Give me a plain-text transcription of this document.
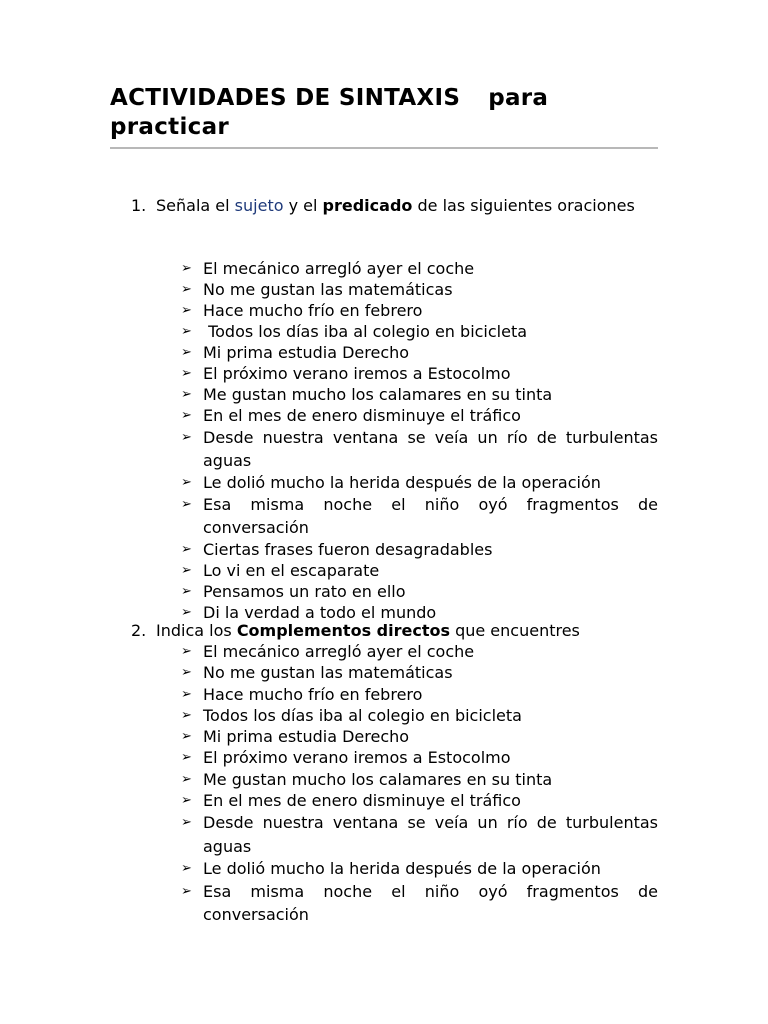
ACTIVIDADES DE SINTAXIS para practicar
1. Señala el sujeto y el predicado de las siguientes oraciones
➢ El mecánico arregló ayer el coche
➢ No me gustan las matemáticas
➢ Hace mucho frío en febrero
➢ Todos los días iba al colegio en bicicleta
➢ Mi prima estudia Derecho
➢ El próximo verano iremos a Estocolmo
➢ Me gustan mucho los calamares en su tinta
➢ En el mes de enero disminuye el tráfico
➢ Desde nuestra ventana se veía un río de turbulentas aguas
➢ Le dolió mucho la herida después de la operación
➢ Esa misma noche el niño oyó fragmentos de conversación
➢ Ciertas frases fueron desagradables
➢ Lo vi en el escaparate
➢ Pensamos un rato en ello
➢ Di la verdad a todo el mundo
2. Indica los Complementos directos que encuentres
➢ El mecánico arregló ayer el coche
➢ No me gustan las matemáticas
➢ Hace mucho frío en febrero
➢ Todos los días iba al colegio en bicicleta
➢ Mi prima estudia Derecho
➢ El próximo verano iremos a Estocolmo
➢ Me gustan mucho los calamares en su tinta
➢ En el mes de enero disminuye el tráfico
➢ Desde nuestra ventana se veía un río de turbulentas aguas
➢ Le dolió mucho la herida después de la operación
➢ Esa misma noche el niño oyó fragmentos de conversación
